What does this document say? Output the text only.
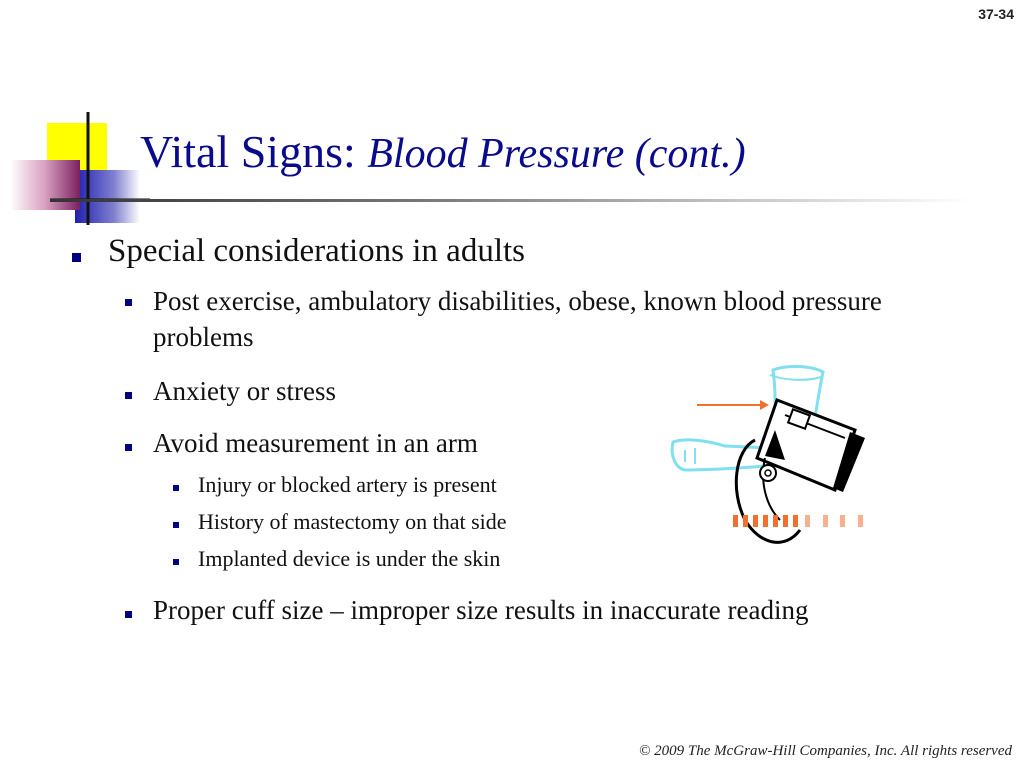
37-34
Vital Signs: Blood Pressure (cont.)
Special considerations in adults
Post exercise, ambulatory disabilities, obese, known blood pressure problems
Anxiety or stress
Avoid measurement in an arm
Injury or blocked artery is present
History of mastectomy on that side
Implanted device is under the skin
Proper cuff size – improper size results in inaccurate reading
© 2009 The McGraw-Hill Companies, Inc. All rights reserved
